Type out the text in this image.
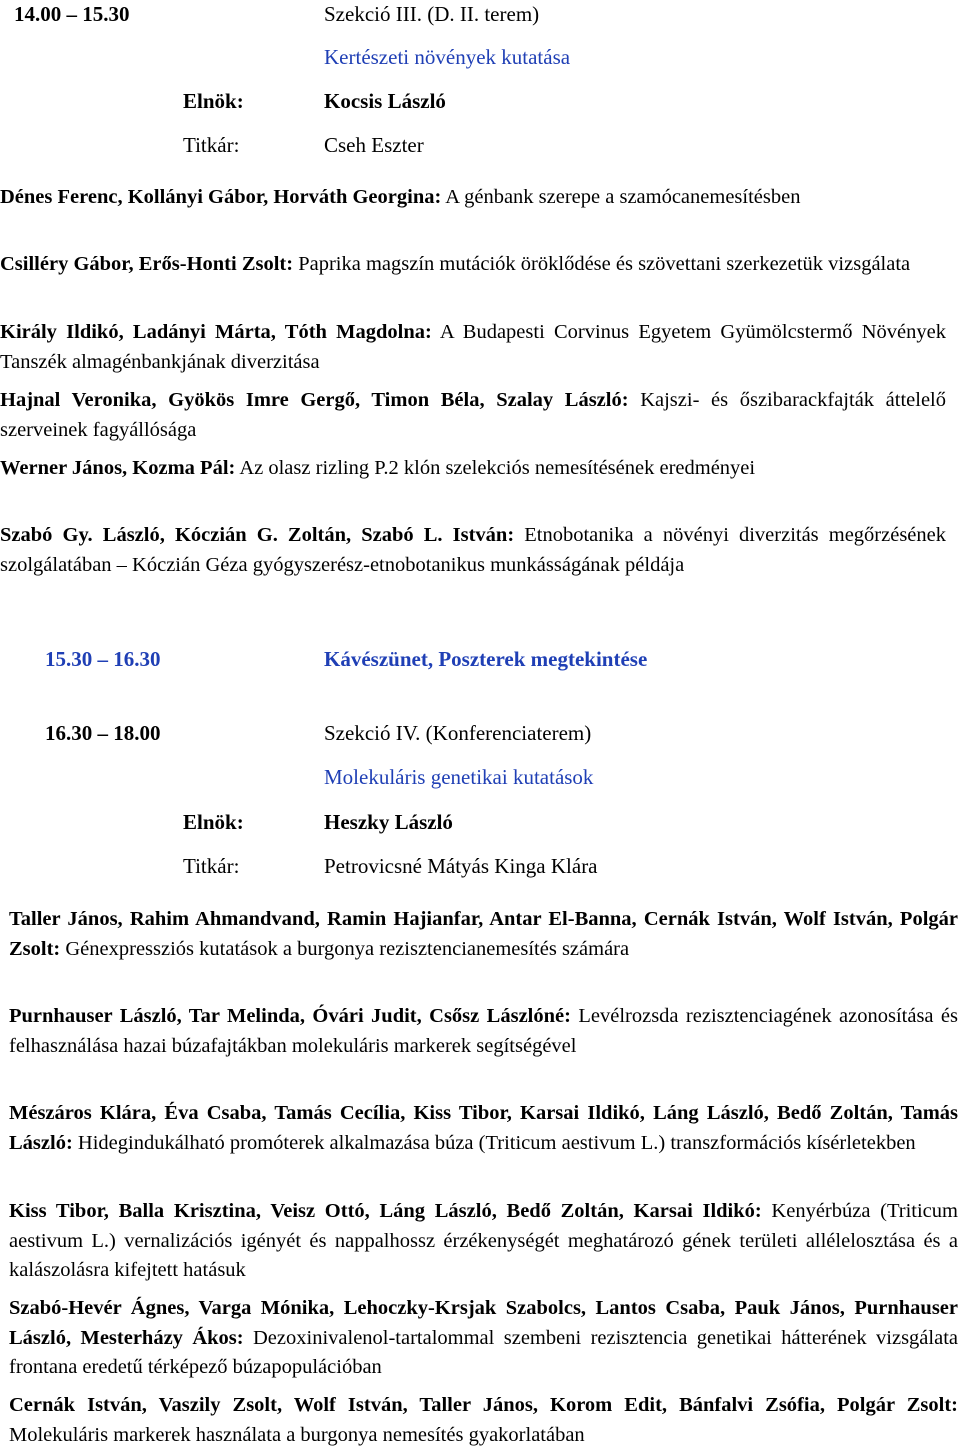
14.00 – 15.30	Szekció III. (D. II. terem)
Kertészeti növények kutatása
Elnök:	Kocsis László
Titkár:	Cseh Eszter
Dénes Ferenc, Kollányi Gábor, Horváth Georgina: A génbank szerepe a szamócanemesítésben
Csilléry Gábor, Erős-Honti Zsolt: Paprika magszín mutációk öröklődése és szövettani szerkezetük vizsgálata
Király Ildikó, Ladányi Márta, Tóth Magdolna: A Budapesti Corvinus Egyetem Gyümölcstermő Növények Tanszék almagénbankjának diverzitása
Hajnal Veronika, Gyökös Imre Gergő, Timon Béla, Szalay László: Kajszi- és őszibarackfajták áttelelő szerveinek fagyállósága
Werner János, Kozma Pál: Az olasz rizling P.2 klón szelekciós nemesítésének eredményei
Szabó Gy. László, Kóczián G. Zoltán, Szabó L. István: Etnobotanika a növényi diverzitás megőrzésének szolgálatában – Kóczián Géza gyógyszerész-etnobotanikus munkásságának példája
15.30 – 16.30	Kávészünet, Poszterek megtekintése
16.30 – 18.00	Szekció IV. (Konferenciaterem)
Molekuláris genetikai kutatások
Elnök:	Heszky László
Titkár:	Petrovicsné Mátyás Kinga Klára
Taller János, Rahim Ahmandvand, Ramin Hajianfar, Antar El-Banna, Cernák István, Wolf István, Polgár Zsolt: Génexpressziós kutatások a burgonya rezisztencianemesítés számára
Purnhauser László, Tar Melinda, Óvári Judit, Csősz Lászlóné: Levélrozsda rezisztenciagének azonosítása és felhasználása hazai búzafajtákban molekuláris markerek segítségével
Mészáros Klára, Éva Csaba, Tamás Cecília, Kiss Tibor, Karsai Ildikó, Láng László, Bedő Zoltán, Tamás László: Hidegindukálható promóterek alkalmazása búza (Triticum aestivum L.) transzformációs kísérletekben
Kiss Tibor, Balla Krisztina, Veisz Ottó, Láng László, Bedő Zoltán, Karsai Ildikó: Kenyérbúza (Triticum aestivum L.) vernalizációs igényét és nappalhossz érzékenységét meghatározó gének területi allélelosztása és a kalászolásra kifejtett hatásuk
Szabó-Hevér Ágnes, Varga Mónika, Lehoczky-Krsjak Szabolcs, Lantos Csaba, Pauk János, Purnhauser László, Mesterházy Ákos: Dezoxinivalenol-tartalommal szembeni rezisztencia genetikai hátterének vizsgálata frontana eredetű térképező búzapopulációban
Cernák István, Vaszily Zsolt, Wolf István, Taller János, Korom Edit, Bánfalvi Zsófia, Polgár Zsolt: Molekuláris markerek használata a burgonya nemesítés gyakorlatában
